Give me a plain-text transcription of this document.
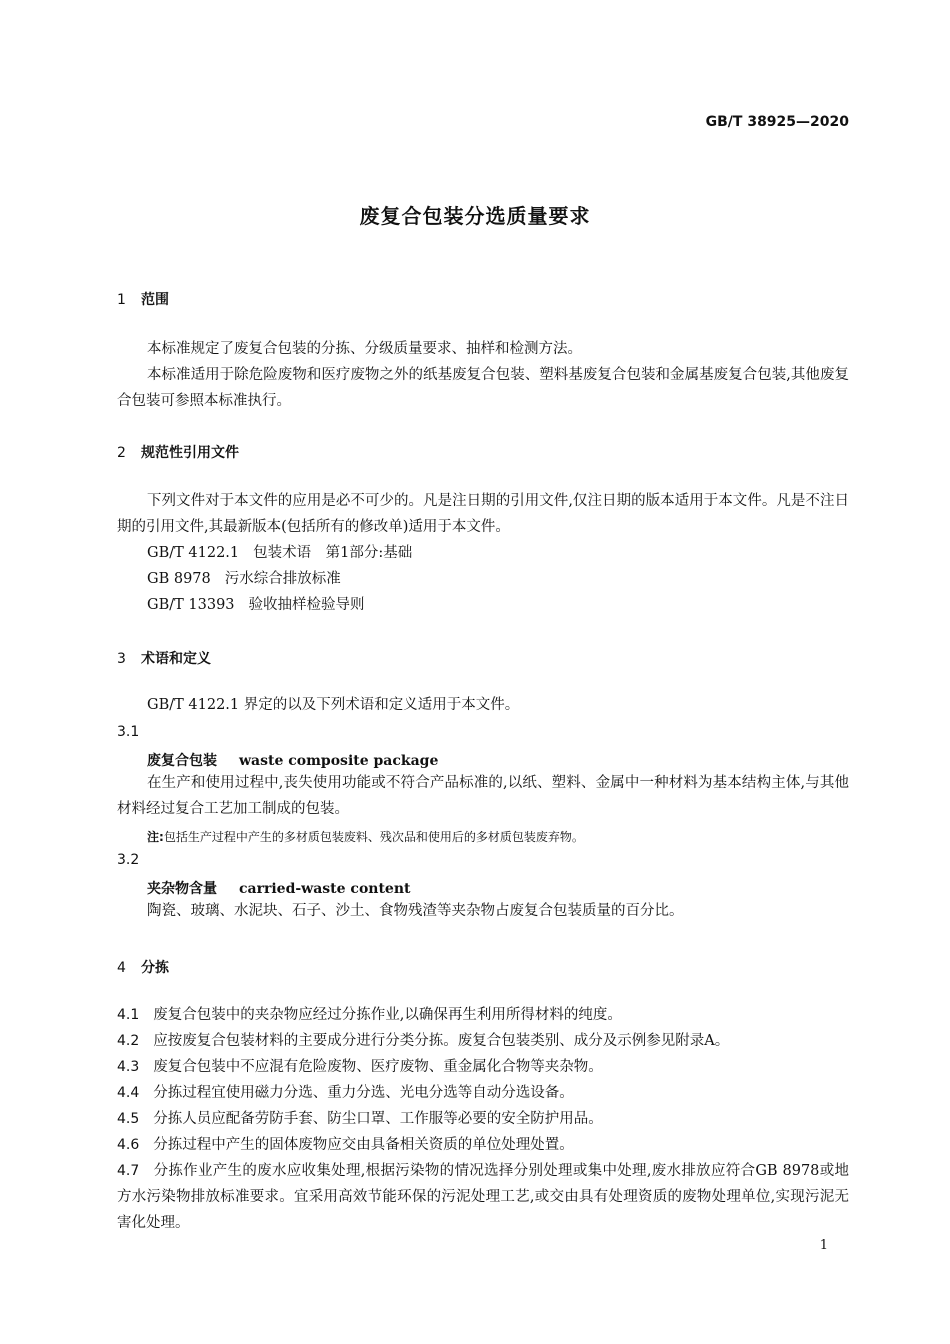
GB/T 38925—2020
废复合包装分选质量要求
1 范围
本标准规定了废复合包装的分拣、分级质量要求、抽样和检测方法。
本标准适用于除危险废物和医疗废物之外的纸基废复合包装、塑料基废复合包装和金属基废复合包装,其他废复合包装可参照本标准执行。
2 规范性引用文件
下列文件对于本文件的应用是必不可少的。凡是注日期的引用文件,仅注日期的版本适用于本文件。凡是不注日期的引用文件,其最新版本(包括所有的修改单)适用于本文件。
GB/T 4122.1 包装术语　第1部分:基础
GB 8978 污水综合排放标准
GB/T 13393 验收抽样检验导则
3 术语和定义
GB/T 4122.1 界定的以及下列术语和定义适用于本文件。
3.1
废复合包装 waste composite package
在生产和使用过程中,丧失使用功能或不符合产品标准的,以纸、塑料、金属中一种材料为基本结构主体,与其他材料经过复合工艺加工制成的包装。
注:包括生产过程中产生的多材质包装废料、残次品和使用后的多材质包装废弃物。
3.2
夹杂物含量 carried-waste content
陶瓷、玻璃、水泥块、石子、沙土、食物残渣等夹杂物占废复合包装质量的百分比。
4 分拣
4.1 废复合包装中的夹杂物应经过分拣作业,以确保再生利用所得材料的纯度。
4.2 应按废复合包装材料的主要成分进行分类分拣。废复合包装类别、成分及示例参见附录A。
4.3 废复合包装中不应混有危险废物、医疗废物、重金属化合物等夹杂物。
4.4 分拣过程宜使用磁力分选、重力分选、光电分选等自动分选设备。
4.5 分拣人员应配备劳防手套、防尘口罩、工作服等必要的安全防护用品。
4.6 分拣过程中产生的固体废物应交由具备相关资质的单位处理处置。
4.7 分拣作业产生的废水应收集处理,根据污染物的情况选择分别处理或集中处理,废水排放应符合GB 8978或地方水污染物排放标准要求。宜采用高效节能环保的污泥处理工艺,或交由具有处理资质的废物处理单位,实现污泥无害化处理。
1
